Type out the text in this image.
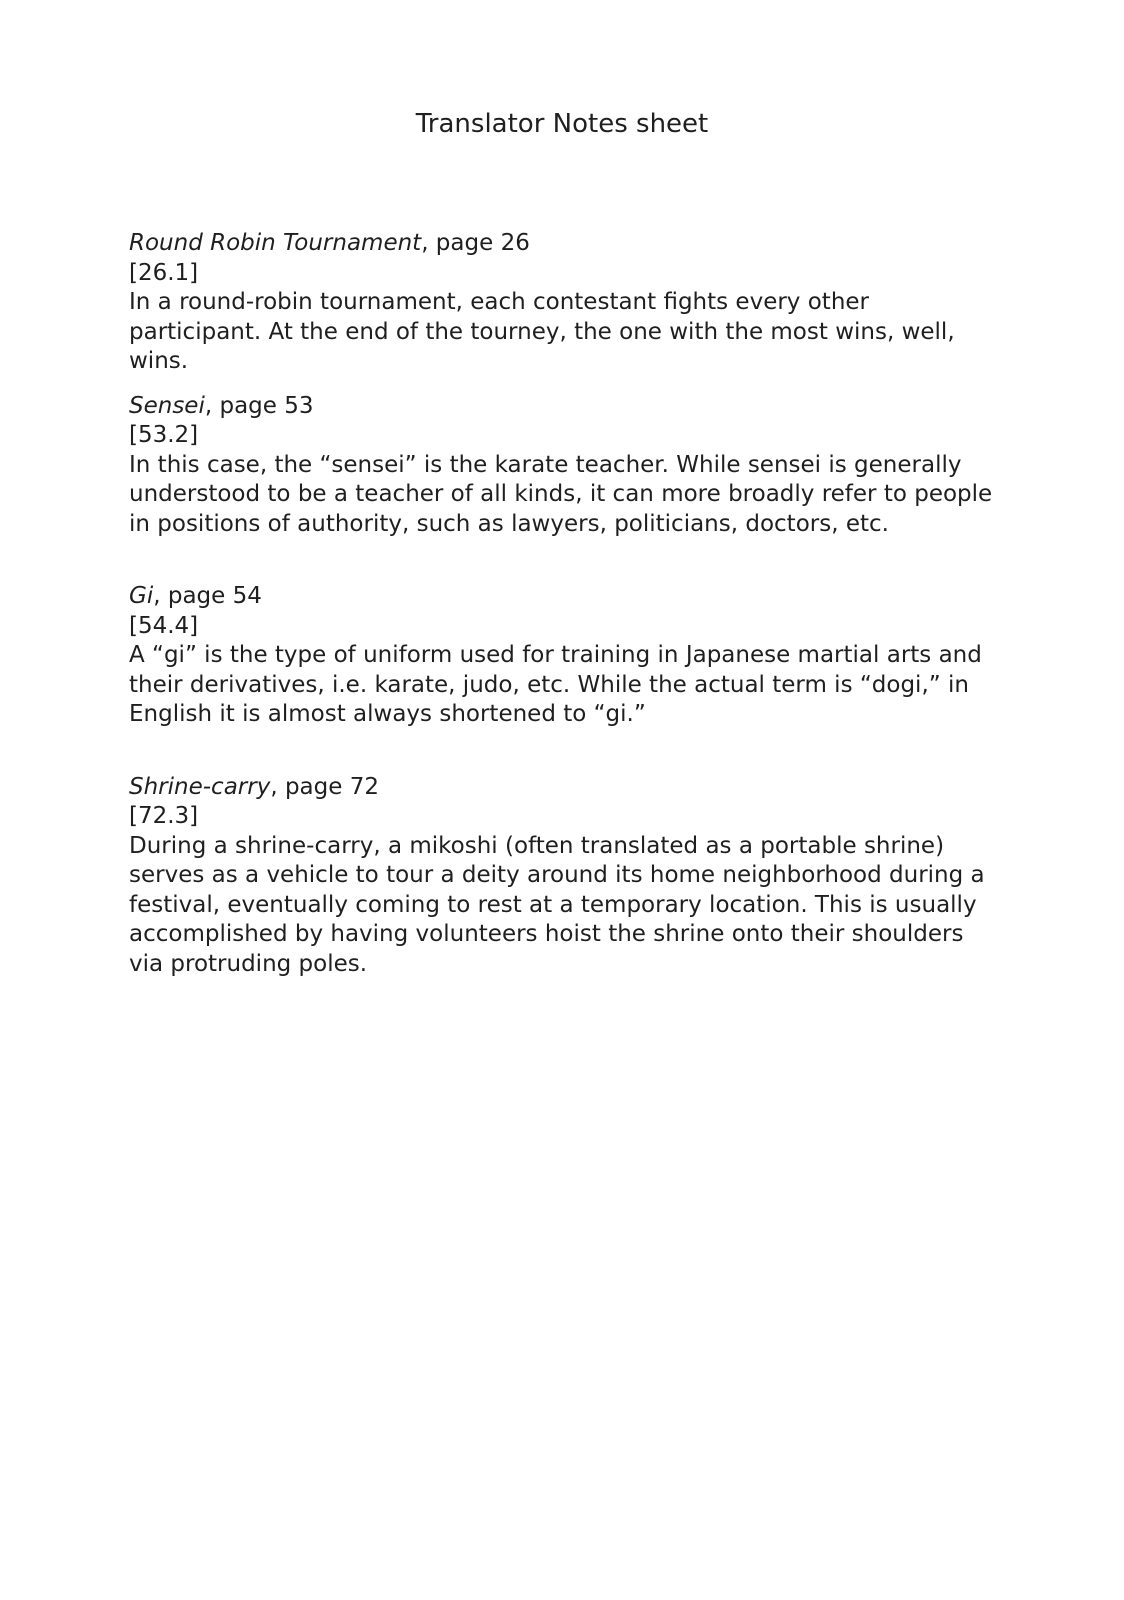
Translator Notes sheet

Round Robin Tournament, page 26

[26.1]

In a round-robin tournament, each contestant fights every other participant. At the end of the tourney, the one with the most wins, well, wins.

Sensei, page 53

[53.2]

In this case, the “sensei” is the karate teacher. While sensei is generally understood to be a teacher of all kinds, it can more broadly refer to people in positions of authority, such as lawyers, politicians, doctors, etc.

Gi, page 54

[54.4]

A “gi” is the type of uniform used for training in Japanese martial arts and their derivatives, i.e. karate, judo, etc. While the actual term is “dogi,” in English it is almost always shortened to “gi.”

Shrine-carry, page 72

[72.3]

During a shrine-carry, a mikoshi (often translated as a portable shrine) serves as a vehicle to tour a deity around its home neighborhood during a festival, eventually coming to rest at a temporary location. This is usually accomplished by having volunteers hoist the shrine onto their shoulders via protruding poles.
